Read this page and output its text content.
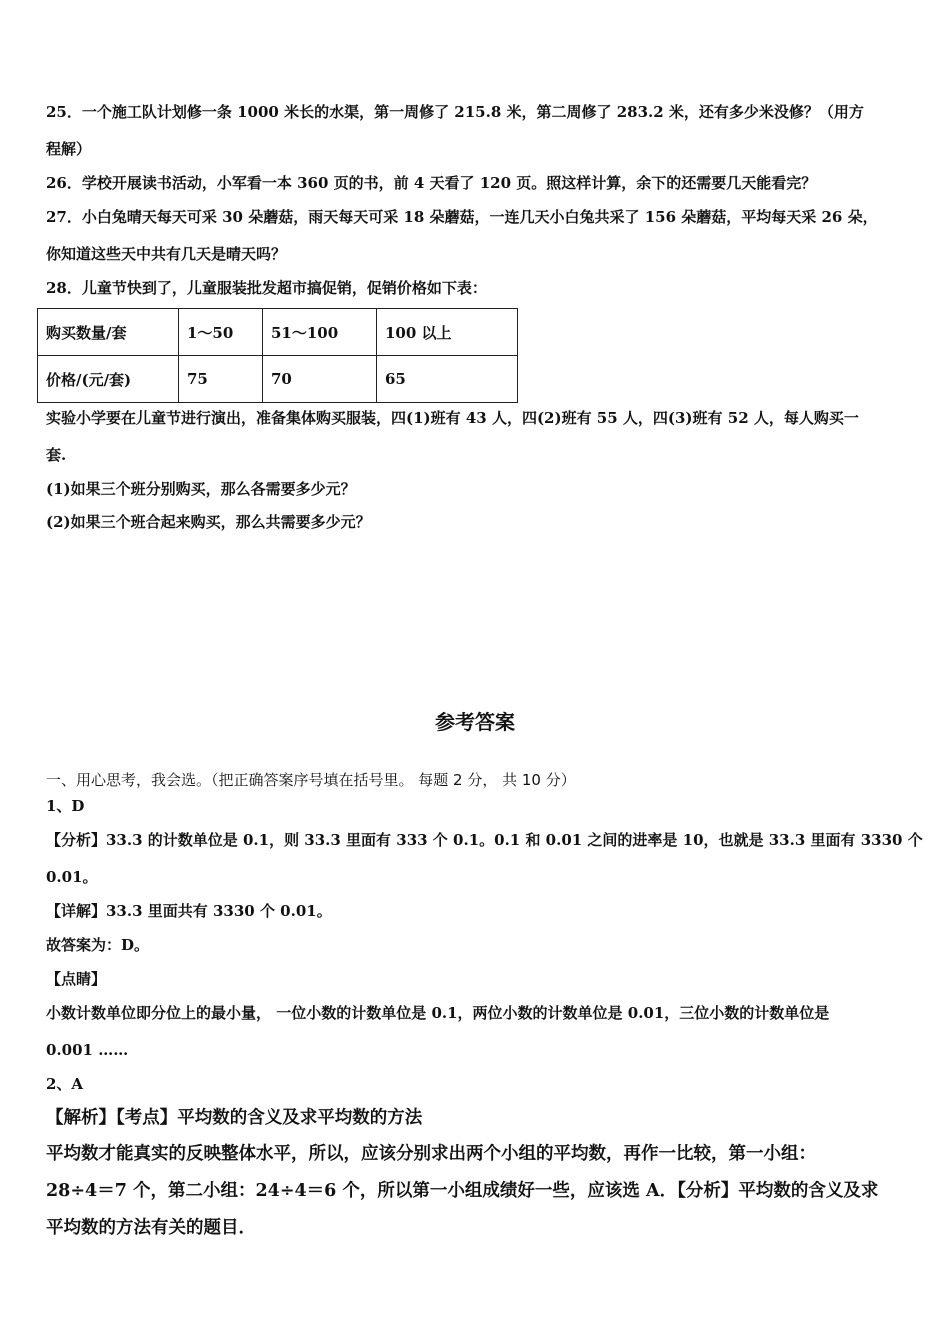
25．一个施工队计划修一条 1000 米长的水渠，第一周修了 215.8 米，第二周修了 283.2 米，还有多少米没修？（用方
程解）
26．学校开展读书活动，小军看一本 360 页的书，前 4 天看了 120 页。照这样计算，余下的还需要几天能看完？
27．小白兔晴天每天可采 30 朵蘑菇，雨天每天可采 18 朵蘑菇，一连几天小白兔共采了 156 朵蘑菇，平均每天采 26 朵，
你知道这些天中共有几天是晴天吗？
28．儿童节快到了，儿童服装批发超市搞促销，促销价格如下表：
购买数量/套	1～50	51～100	100 以上
价格/(元/套)	75	70	65
实验小学要在儿童节进行演出，准备集体购买服装，四(1)班有 43 人，四(2)班有 55 人，四(3)班有 52 人，每人购买一
套.
(1)如果三个班分别购买，那么各需要多少元？
(2)如果三个班合起来购买，那么共需要多少元？
参考答案
一、用心思考，我会选。（把正确答案序号填在括号里。 每题 2 分， 共 10 分）
1、D
【分析】33.3 的计数单位是 0.1，则 33.3 里面有 333 个 0.1。0.1 和 0.01 之间的进率是 10，也就是 33.3 里面有 3330 个
0.01。
【详解】33.3 里面共有 3330 个 0.01。
故答案为：D。
【点睛】
小数计数单位即分位上的最小量， 一位小数的计数单位是 0.1，两位小数的计数单位是 0.01，三位小数的计数单位是
0.001 ……
2、A
【解析】【考点】平均数的含义及求平均数的方法
平均数才能真实的反映整体水平，所以，应该分别求出两个小组的平均数，再作一比较，第一小组：
28÷4＝7 个，第二小组：24÷4＝6 个，所以第一小组成绩好一些，应该选 A．【分析】平均数的含义及求
平均数的方法有关的题目．
